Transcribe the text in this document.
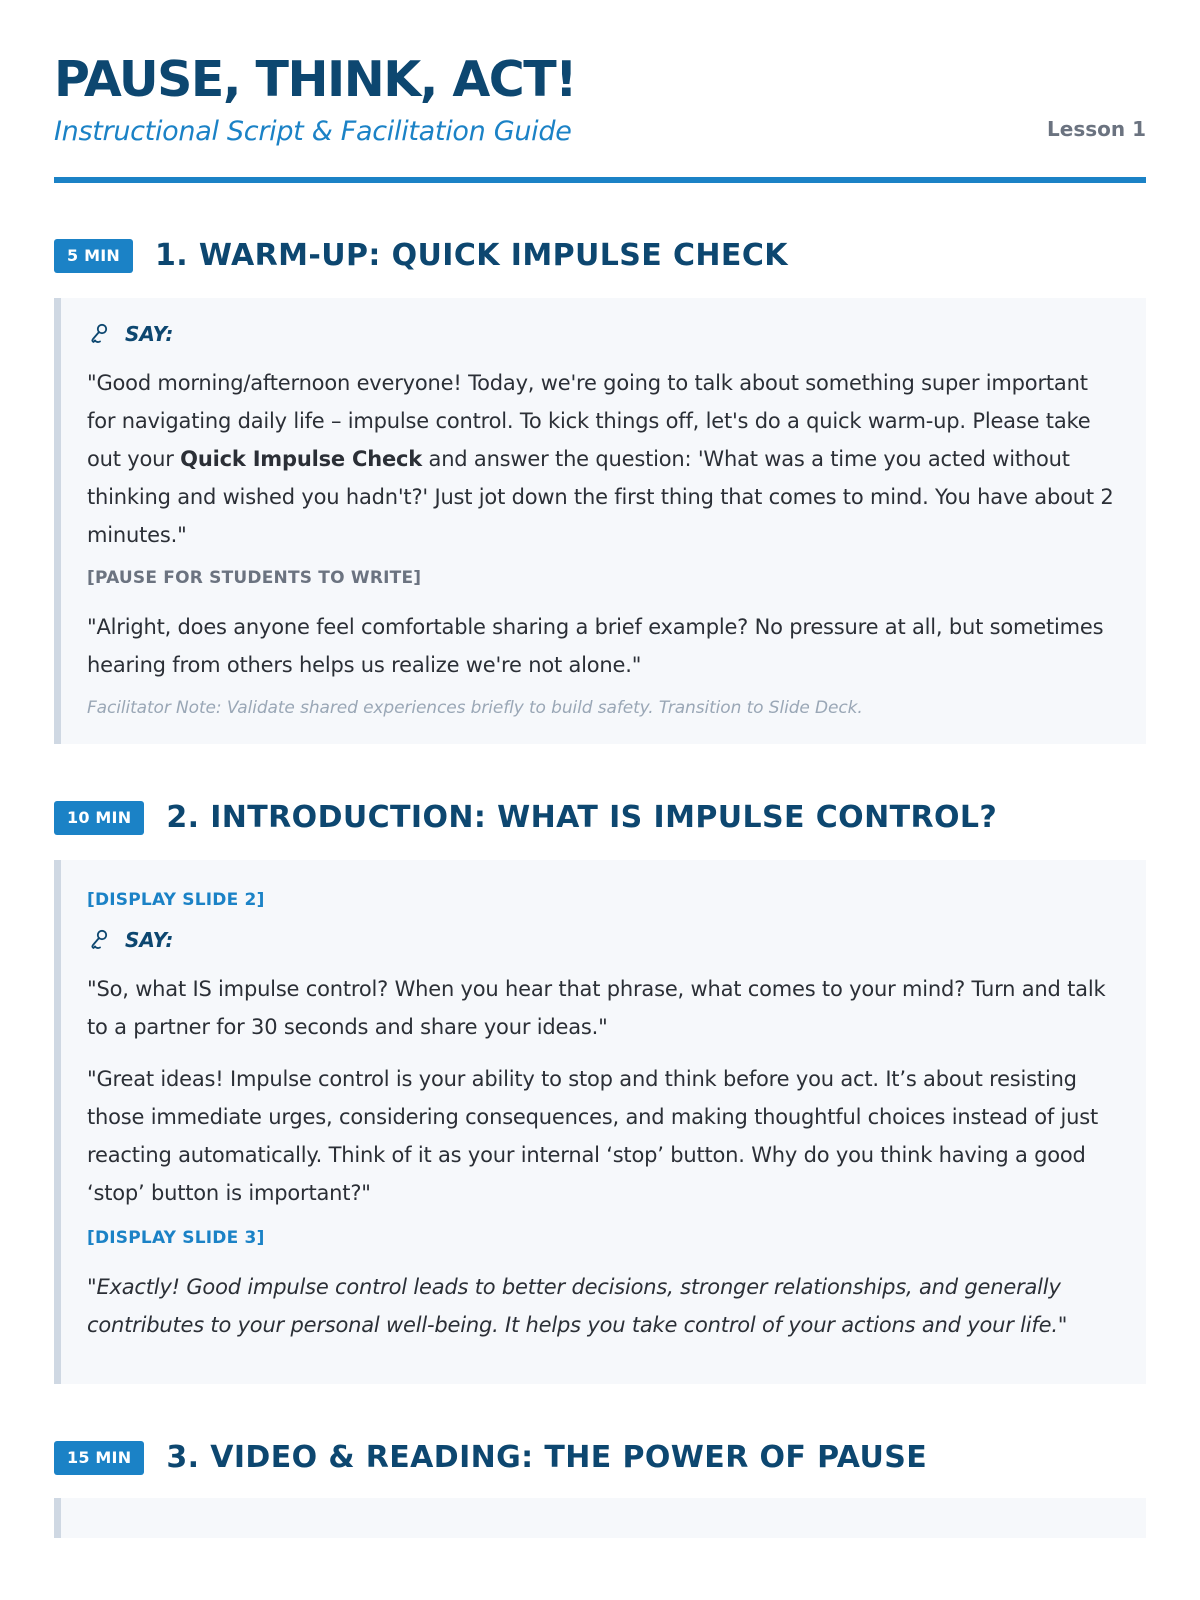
PAUSE, THINK, ACT!
Instructional Script & Facilitation Guide	Lesson 1
5 MIN	1. WARM-UP: QUICK IMPULSE CHECK
SAY:

"Good morning/afternoon everyone! Today, we're going to talk about something super important for navigating daily life – impulse control. To kick things off, let's do a quick warm-up. Please take out your Quick Impulse Check and answer the question: 'What was a time you acted without thinking and wished you hadn't?' Just jot down the first thing that comes to mind. You have about 2 minutes."

[PAUSE FOR STUDENTS TO WRITE]

"Alright, does anyone feel comfortable sharing a brief example? No pressure at all, but sometimes hearing from others helps us realize we're not alone."

Facilitator Note: Validate shared experiences briefly to build safety. Transition to Slide Deck.
10 MIN	2. INTRODUCTION: WHAT IS IMPULSE CONTROL?
[DISPLAY SLIDE 2]
SAY:

"So, what IS impulse control? When you hear that phrase, what comes to your mind? Turn and talk to a partner for 30 seconds and share your ideas."

"Great ideas! Impulse control is your ability to stop and think before you act. It’s about resisting those immediate urges, considering consequences, and making thoughtful choices instead of just reacting automatically. Think of it as your internal ‘stop’ button. Why do you think having a good ‘stop’ button is important?"

[DISPLAY SLIDE 3]

"Exactly! Good impulse control leads to better decisions, stronger relationships, and generally contributes to your personal well-being. It helps you take control of your actions and your life."

15 MIN	3. VIDEO & READING: THE POWER OF PAUSE
